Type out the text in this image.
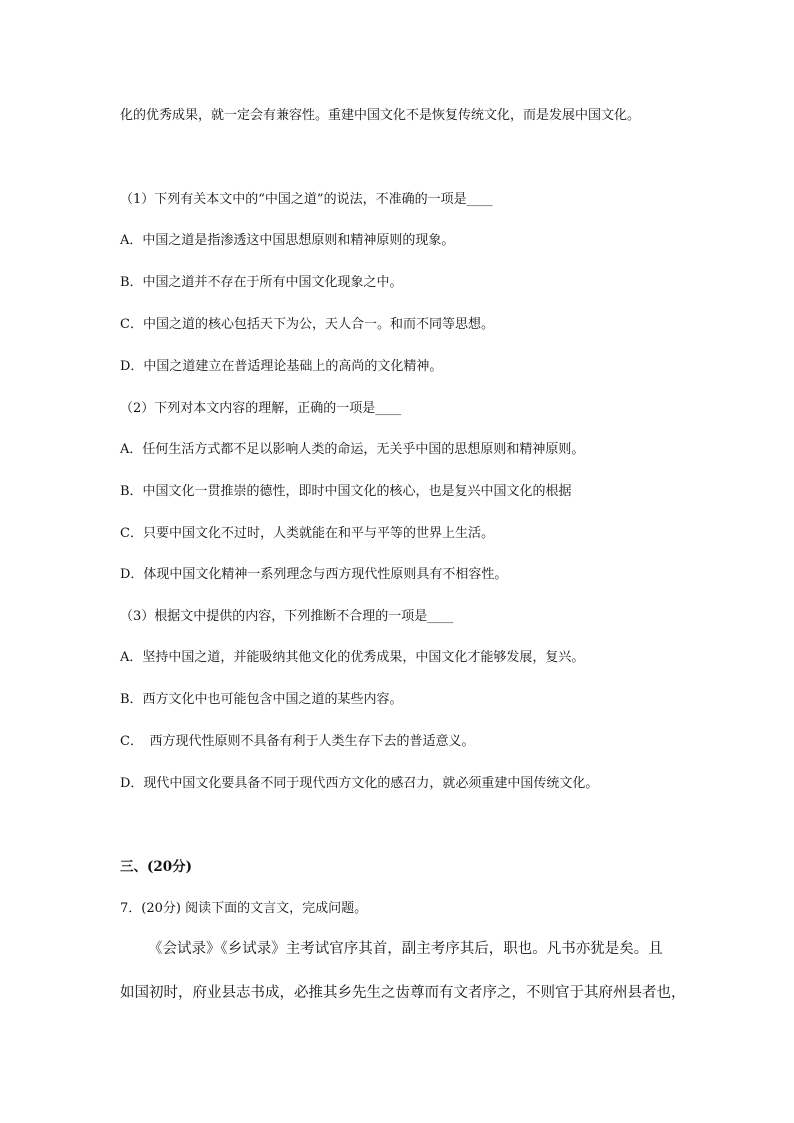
化的优秀成果，就一定会有兼容性。重建中国文化不是恢复传统文化，而是发展中国文化。
（1）下列有关本文中的“中国之道”的说法，不准确的一项是____
A．中国之道是指渗透这中国思想原则和精神原则的现象。
B．中国之道并不存在于所有中国文化现象之中。
C．中国之道的核心包括天下为公，天人合一。和而不同等思想。
D．中国之道建立在普适理论基础上的高尚的文化精神。
（2）下列对本文内容的理解，正确的一项是____
A．任何生活方式都不足以影响人类的命运，无关乎中国的思想原则和精神原则。
B．中国文化一贯推崇的德性，即时中国文化的核心，也是复兴中国文化的根据
C．只要中国文化不过时，人类就能在和平与平等的世界上生活。
D．体现中国文化精神一系列理念与西方现代性原则具有不相容性。
（3）根据文中提供的内容，下列推断不合理的一项是____
A．坚持中国之道，并能吸纳其他文化的优秀成果，中国文化才能够发展，复兴。
B．西方文化中也可能包含中国之道的某些内容。
C．　西方现代性原则不具备有利于人类生存下去的普适意义。
D．现代中国文化要具备不同于现代西方文化的感召力，就必须重建中国传统文化。
三、(20分)
7．(20分) 阅读下面的文言文，完成问题。
《会试录》《乡试录》主考试官序其首，副主考序其后，职也。凡书亦犹是矣。且
如国初时，府业县志书成，必推其乡先生之齿尊而有文者序之，不则官于其府州县者也，
